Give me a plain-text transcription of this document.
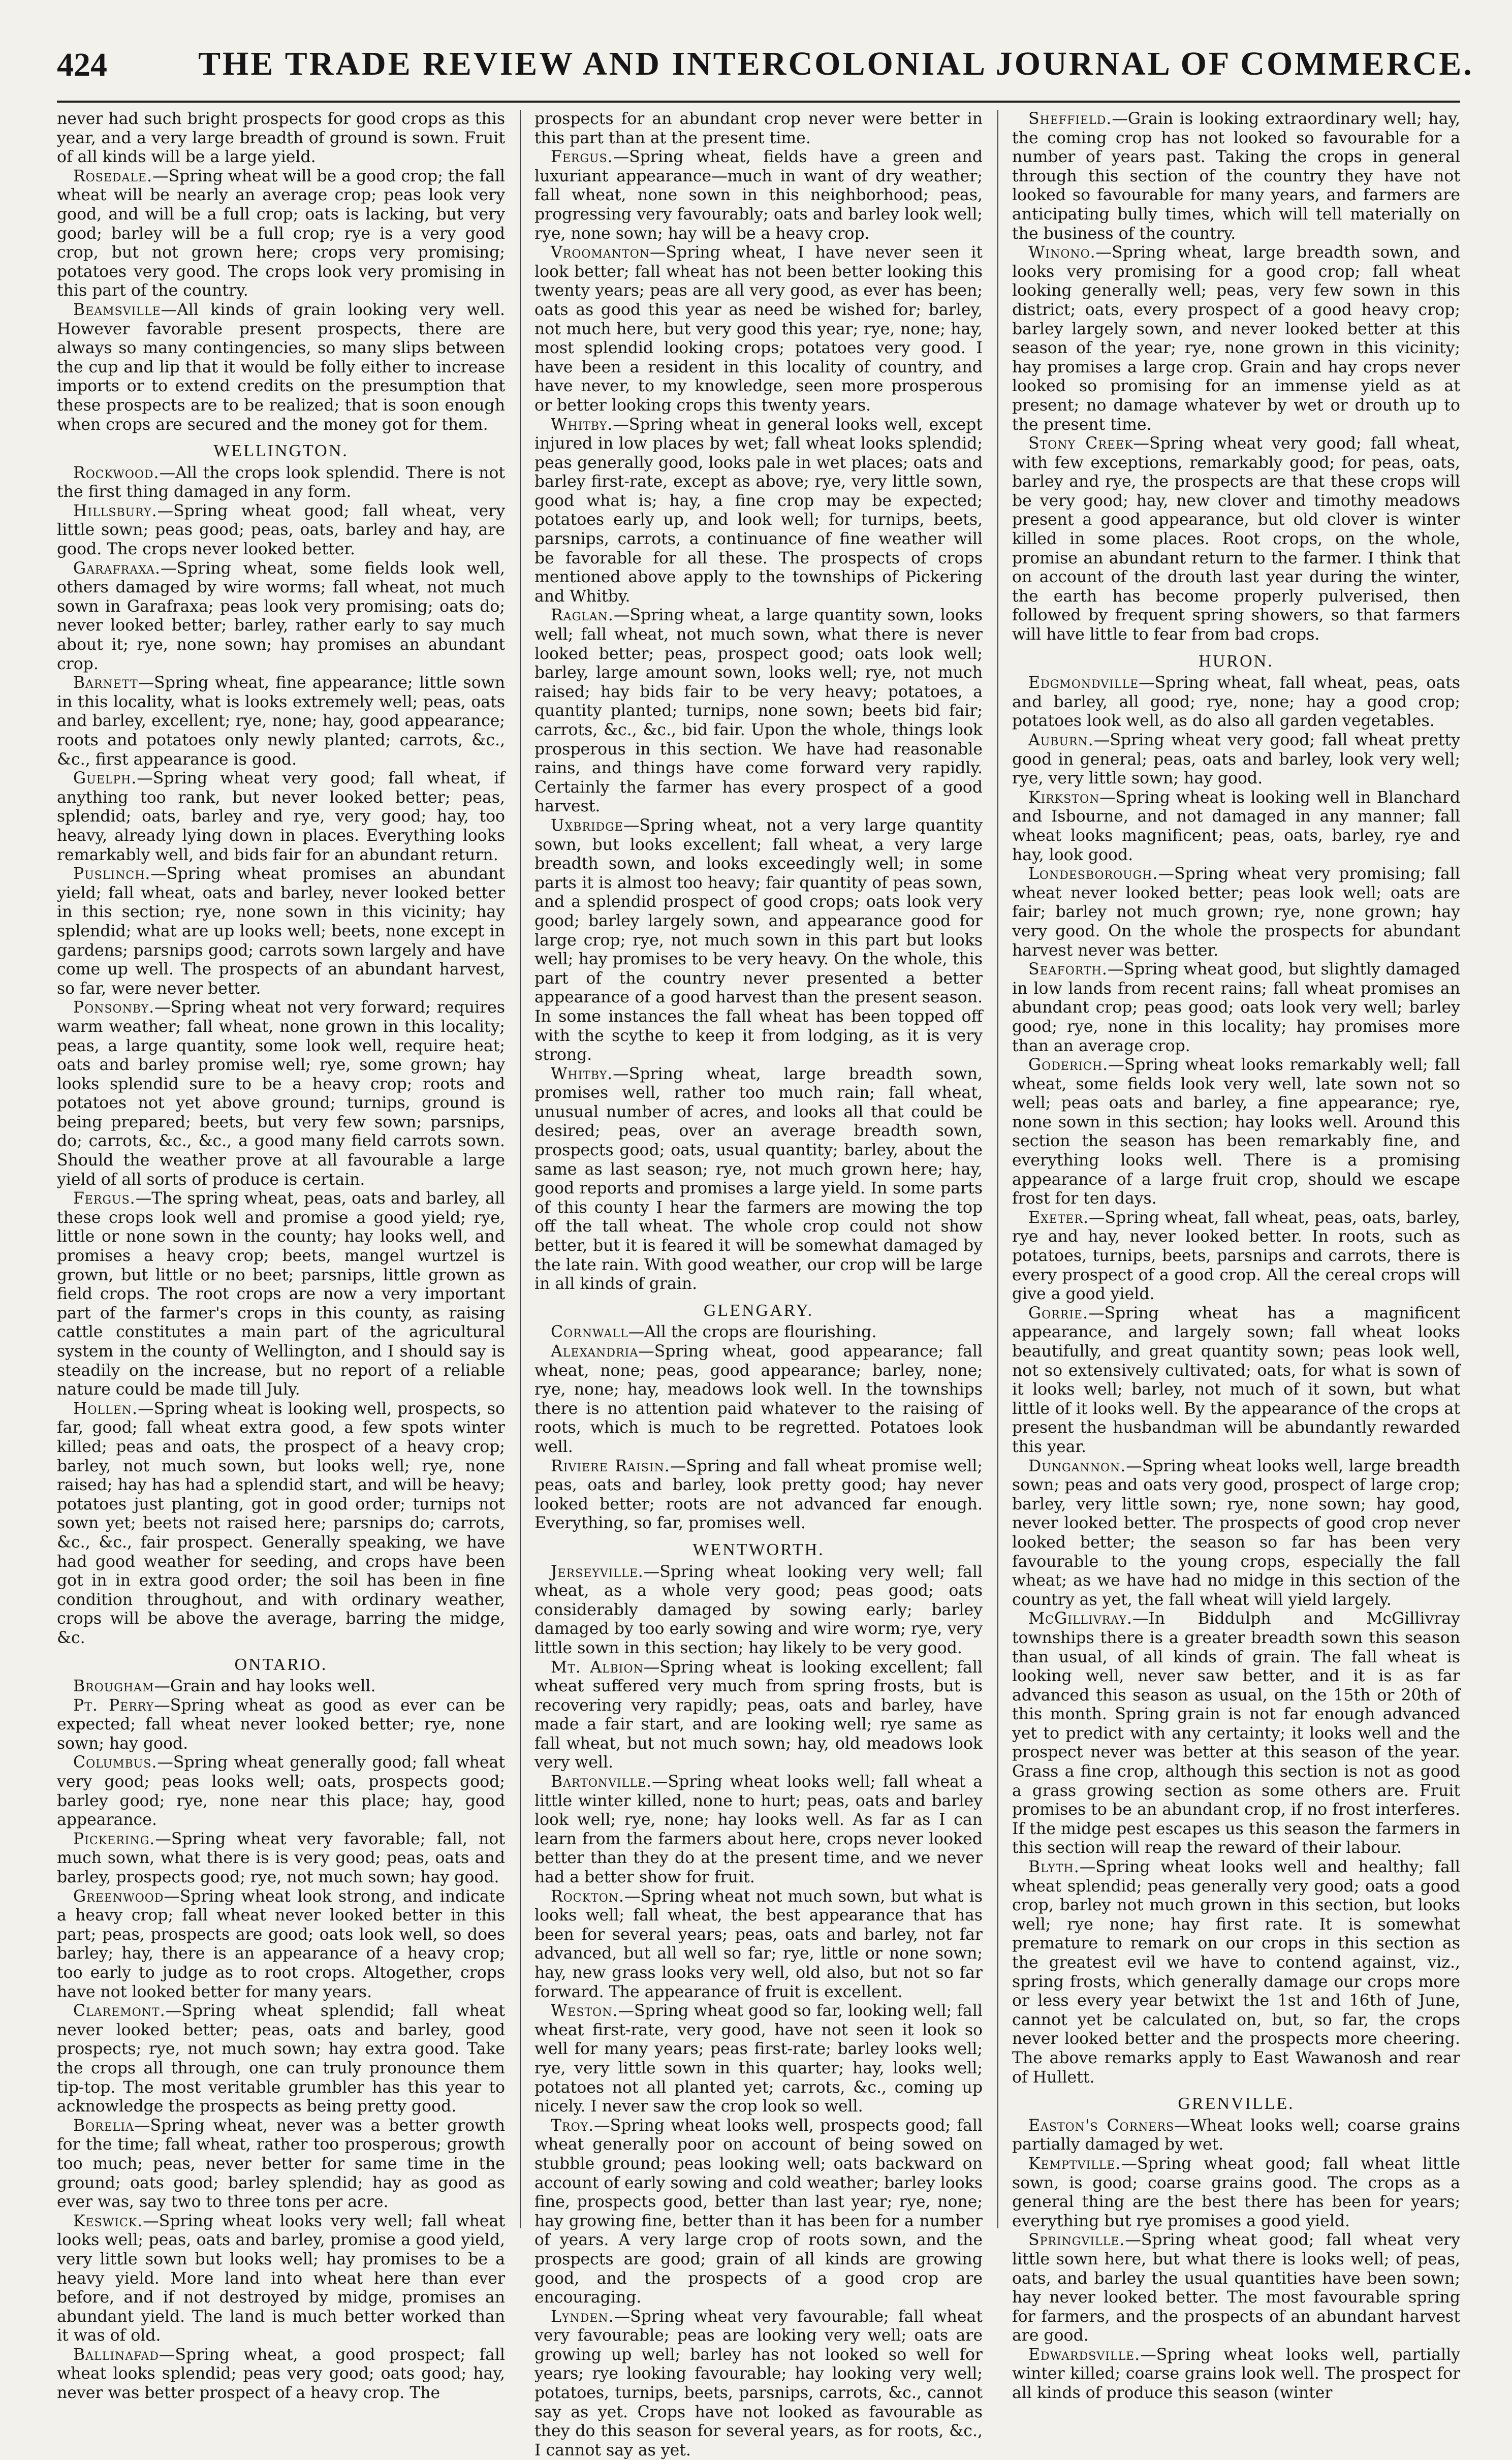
424	THE TRADE REVIEW AND INTERCOLONIAL JOURNAL OF COMMERCE.

never had such bright prospects for good crops as this year, and a very large breadth of ground is sown. Fruit of all kinds will be a large yield.

Rosedale.—Spring wheat will be a good crop; the fall wheat will be nearly an average crop; peas look very good, and will be a full crop; oats is lacking, but very good; barley will be a full crop; rye is a very good crop, but not grown here; crops very promising; potatoes very good. The crops look very promising in this part of the country.

Beamsville—All kinds of grain looking very well. However favorable present prospects, there are always so many contingencies, so many slips between the cup and lip that it would be folly either to increase imports or to extend credits on the presumption that these prospects are to be realized; that is soon enough when crops are secured and the money got for them.

WELLINGTON.

Rockwood.—All the crops look splendid. There is not the first thing damaged in any form.

Hillsbury.—Spring wheat good; fall wheat, very little sown; peas good; peas, oats, barley and hay, are good. The crops never looked better.

Garafraxa.—Spring wheat, some fields look well, others damaged by wire worms; fall wheat, not much sown in Garafraxa; peas look very promising; oats do; never looked better; barley, rather early to say much about it; rye, none sown; hay promises an abundant crop.

Barnett—Spring wheat, fine appearance; little sown in this locality, what is looks extremely well; peas, oats and barley, excellent; rye, none; hay, good appearance; roots and potatoes only newly planted; carrots, &c., &c., first appearance is good.

Guelph.—Spring wheat very good; fall wheat, if anything too rank, but never looked better; peas, splendid; oats, barley and rye, very good; hay, too heavy, already lying down in places. Everything looks remarkably well, and bids fair for an abundant return.

Puslinch.—Spring wheat promises an abundant yield; fall wheat, oats and barley, never looked better in this section; rye, none sown in this vicinity; hay splendid; what are up looks well; beets, none except in gardens; parsnips good; carrots sown largely and have come up well. The prospects of an abundant harvest, so far, were never better.

Ponsonby.—Spring wheat not very forward; requires warm weather; fall wheat, none grown in this locality; peas, a large quantity, some look well, require heat; oats and barley promise well; rye, some grown; hay looks splendid sure to be a heavy crop; roots and potatoes not yet above ground; turnips, ground is being prepared; beets, but very few sown; parsnips, do; carrots, &c., &c., a good many field carrots sown. Should the weather prove at all favourable a large yield of all sorts of produce is certain.

Fergus.—The spring wheat, peas, oats and barley, all these crops look well and promise a good yield; rye, little or none sown in the county; hay looks well, and promises a heavy crop; beets, mangel wurtzel is grown, but little or no beet; parsnips, little grown as field crops. The root crops are now a very important part of the farmer's crops in this county, as raising cattle constitutes a main part of the agricultural system in the county of Wellington, and I should say is steadily on the increase, but no report of a reliable nature could be made till July.

Hollen.—Spring wheat is looking well, prospects, so far, good; fall wheat extra good, a few spots winter killed; peas and oats, the prospect of a heavy crop; barley, not much sown, but looks well; rye, none raised; hay has had a splendid start, and will be heavy; potatoes just planting, got in good order; turnips not sown yet; beets not raised here; parsnips do; carrots, &c., &c., fair prospect. Generally speaking, we have had good weather for seeding, and crops have been got in in extra good order; the soil has been in fine condition throughout, and with ordinary weather, crops will be above the average, barring the midge, &c.

ONTARIO.

Brougham—Grain and hay looks well.

Pt. Perry—Spring wheat as good as ever can be expected; fall wheat never looked better; rye, none sown; hay good.

Columbus.—Spring wheat generally good; fall wheat very good; peas looks well; oats, prospects good; barley good; rye, none near this place; hay, good appearance.

Pickering.—Spring wheat very favorable; fall, not much sown, what there is is very good; peas, oats and barley, prospects good; rye, not much sown; hay good.

Greenwood—Spring wheat look strong, and indicate a heavy crop; fall wheat never looked better in this part; peas, prospects are good; oats look well, so does barley; hay, there is an appearance of a heavy crop; too early to judge as to root crops. Altogether, crops have not looked better for many years.

Claremont.—Spring wheat splendid; fall wheat never looked better; peas, oats and barley, good prospects; rye, not much sown; hay extra good. Take the crops all through, one can truly pronounce them tip-top. The most veritable grumbler has this year to acknowledge the prospects as being pretty good.

Borelia—Spring wheat, never was a better growth for the time; fall wheat, rather too prosperous; growth too much; peas, never better for same time in the ground; oats good; barley splendid; hay as good as ever was, say two to three tons per acre.

Keswick.—Spring wheat looks very well; fall wheat looks well; peas, oats and barley, promise a good yield, very little sown but looks well; hay promises to be a heavy yield. More land into wheat here than ever before, and if not destroyed by midge, promises an abundant yield. The land is much better worked than it was of old.

Ballinafad—Spring wheat, a good prospect; fall wheat looks splendid; peas very good; oats good; hay, never was better prospect of a heavy crop. The

prospects for an abundant crop never were better in this part than at the present time.

Fergus.—Spring wheat, fields have a green and luxuriant appearance—much in want of dry weather; fall wheat, none sown in this neighborhood; peas, progressing very favourably; oats and barley look well; rye, none sown; hay will be a heavy crop.

Vroomanton—Spring wheat, I have never seen it look better; fall wheat has not been better looking this twenty years; peas are all very good, as ever has been; oats as good this year as need be wished for; barley, not much here, but very good this year; rye, none; hay, most splendid looking crops; potatoes very good. I have been a resident in this locality of country, and have never, to my knowledge, seen more prosperous or better looking crops this twenty years.

Whitby.—Spring wheat in general looks well, except injured in low places by wet; fall wheat looks splendid; peas generally good, looks pale in wet places; oats and barley first-rate, except as above; rye, very little sown, good what is; hay, a fine crop may be expected; potatoes early up, and look well; for turnips, beets, parsnips, carrots, a continuance of fine weather will be favorable for all these. The prospects of crops mentioned above apply to the townships of Pickering and Whitby.

Raglan.—Spring wheat, a large quantity sown, looks well; fall wheat, not much sown, what there is never looked better; peas, prospect good; oats look well; barley, large amount sown, looks well; rye, not much raised; hay bids fair to be very heavy; potatoes, a quantity planted; turnips, none sown; beets bid fair; carrots, &c., &c., bid fair. Upon the whole, things look prosperous in this section. We have had reasonable rains, and things have come forward very rapidly. Certainly the farmer has every prospect of a good harvest.

Uxbridge—Spring wheat, not a very large quantity sown, but looks excellent; fall wheat, a very large breadth sown, and looks exceedingly well; in some parts it is almost too heavy; fair quantity of peas sown, and a splendid prospect of good crops; oats look very good; barley largely sown, and appearance good for large crop; rye, not much sown in this part but looks well; hay promises to be very heavy. On the whole, this part of the country never presented a better appearance of a good harvest than the present season. In some instances the fall wheat has been topped off with the scythe to keep it from lodging, as it is very strong.

Whitby.—Spring wheat, large breadth sown, promises well, rather too much rain; fall wheat, unusual number of acres, and looks all that could be desired; peas, over an average breadth sown, prospects good; oats, usual quantity; barley, about the same as last season; rye, not much grown here; hay, good reports and promises a large yield. In some parts of this county I hear the farmers are mowing the top off the tall wheat. The whole crop could not show better, but it is feared it will be somewhat damaged by the late rain. With good weather, our crop will be large in all kinds of grain.

GLENGARY.

Cornwall—All the crops are flourishing.

Alexandria—Spring wheat, good appearance; fall wheat, none; peas, good appearance; barley, none; rye, none; hay, meadows look well. In the townships there is no attention paid whatever to the raising of roots, which is much to be regretted. Potatoes look well.

Riviere Raisin.—Spring and fall wheat promise well; peas, oats and barley, look pretty good; hay never looked better; roots are not advanced far enough. Everything, so far, promises well.

WENTWORTH.

Jerseyville.—Spring wheat looking very well; fall wheat, as a whole very good; peas good; oats considerably damaged by sowing early; barley damaged by too early sowing and wire worm; rye, very little sown in this section; hay likely to be very good.

Mt. Albion—Spring wheat is looking excellent; fall wheat suffered very much from spring frosts, but is recovering very rapidly; peas, oats and barley, have made a fair start, and are looking well; rye same as fall wheat, but not much sown; hay, old meadows look very well.

Bartonville.—Spring wheat looks well; fall wheat a little winter killed, none to hurt; peas, oats and barley look well; rye, none; hay looks well. As far as I can learn from the farmers about here, crops never looked better than they do at the present time, and we never had a better show for fruit.

Rockton.—Spring wheat not much sown, but what is looks well; fall wheat, the best appearance that has been for several years; peas, oats and barley, not far advanced, but all well so far; rye, little or none sown; hay, new grass looks very well, old also, but not so far forward. The appearance of fruit is excellent.

Weston.—Spring wheat good so far, looking well; fall wheat first-rate, very good, have not seen it look so well for many years; peas first-rate; barley looks well; rye, very little sown in this quarter; hay, looks well; potatoes not all planted yet; carrots, &c., coming up nicely. I never saw the crop look so well.

Troy.—Spring wheat looks well, prospects good; fall wheat generally poor on account of being sowed on stubble ground; peas looking well; oats backward on account of early sowing and cold weather; barley looks fine, prospects good, better than last year; rye, none; hay growing fine, better than it has been for a number of years. A very large crop of roots sown, and the prospects are good; grain of all kinds are growing good, and the prospects of a good crop are encouraging.

Lynden.—Spring wheat very favourable; fall wheat very favourable; peas are looking very well; oats are growing up well; barley has not looked so well for years; rye looking favourable; hay looking very well; potatoes, turnips, beets, parsnips, carrots, &c., cannot say as yet. Crops have not looked as favourable as they do this season for several years, as for roots, &c., I cannot say as yet.

Sheffield.—Grain is looking extraordinary well; hay, the coming crop has not looked so favourable for a number of years past. Taking the crops in general through this section of the country they have not looked so favourable for many years, and farmers are anticipating bully times, which will tell materially on the business of the country.

Winono.—Spring wheat, large breadth sown, and looks very promising for a good crop; fall wheat looking generally well; peas, very few sown in this district; oats, every prospect of a good heavy crop; barley largely sown, and never looked better at this season of the year; rye, none grown in this vicinity; hay promises a large crop. Grain and hay crops never looked so promising for an immense yield as at present; no damage whatever by wet or drouth up to the present time.

Stony Creek—Spring wheat very good; fall wheat, with few exceptions, remarkably good; for peas, oats, barley and rye, the prospects are that these crops will be very good; hay, new clover and timothy meadows present a good appearance, but old clover is winter killed in some places. Root crops, on the whole, promise an abundant return to the farmer. I think that on account of the drouth last year during the winter, the earth has become properly pulverised, then followed by frequent spring showers, so that farmers will have little to fear from bad crops.

HURON.

Edgmondville—Spring wheat, fall wheat, peas, oats and barley, all good; rye, none; hay a good crop; potatoes look well, as do also all garden vegetables.

Auburn.—Spring wheat very good; fall wheat pretty good in general; peas, oats and barley, look very well; rye, very little sown; hay good.

Kirkston—Spring wheat is looking well in Blanchard and Isbourne, and not damaged in any manner; fall wheat looks magnificent; peas, oats, barley, rye and hay, look good.

Londesborough.—Spring wheat very promising; fall wheat never looked better; peas look well; oats are fair; barley not much grown; rye, none grown; hay very good. On the whole the prospects for abundant harvest never was better.

Seaforth.—Spring wheat good, but slightly damaged in low lands from recent rains; fall wheat promises an abundant crop; peas good; oats look very well; barley good; rye, none in this locality; hay promises more than an average crop.

Goderich.—Spring wheat looks remarkably well; fall wheat, some fields look very well, late sown not so well; peas oats and barley, a fine appearance; rye, none sown in this section; hay looks well. Around this section the season has been remarkably fine, and everything looks well. There is a promising appearance of a large fruit crop, should we escape frost for ten days.

Exeter.—Spring wheat, fall wheat, peas, oats, barley, rye and hay, never looked better. In roots, such as potatoes, turnips, beets, parsnips and carrots, there is every prospect of a good crop. All the cereal crops will give a good yield.

Gorrie.—Spring wheat has a magnificent appearance, and largely sown; fall wheat looks beautifully, and great quantity sown; peas look well, not so extensively cultivated; oats, for what is sown of it looks well; barley, not much of it sown, but what little of it looks well. By the appearance of the crops at present the husbandman will be abundantly rewarded this year.

Dungannon.—Spring wheat looks well, large breadth sown; peas and oats very good, prospect of large crop; barley, very little sown; rye, none sown; hay good, never looked better. The prospects of good crop never looked better; the season so far has been very favourable to the young crops, especially the fall wheat; as we have had no midge in this section of the country as yet, the fall wheat will yield largely.

McGillivray.—In Biddulph and McGillivray townships there is a greater breadth sown this season than usual, of all kinds of grain. The fall wheat is looking well, never saw better, and it is as far advanced this season as usual, on the 15th or 20th of this month. Spring grain is not far enough advanced yet to predict with any certainty; it looks well and the prospect never was better at this season of the year. Grass a fine crop, although this section is not as good a grass growing section as some others are. Fruit promises to be an abundant crop, if no frost interferes. If the midge pest escapes us this season the farmers in this section will reap the reward of their labour.

Blyth.—Spring wheat looks well and healthy; fall wheat splendid; peas generally very good; oats a good crop, barley not much grown in this section, but looks well; rye none; hay first rate. It is somewhat premature to remark on our crops in this section as the greatest evil we have to contend against, viz., spring frosts, which generally damage our crops more or less every year betwixt the 1st and 16th of June, cannot yet be calculated on, but, so far, the crops never looked better and the prospects more cheering. The above remarks apply to East Wawanosh and rear of Hullett.

GRENVILLE.

Easton's Corners—Wheat looks well; coarse grains partially damaged by wet.

Kemptville.—Spring wheat good; fall wheat little sown, is good; coarse grains good. The crops as a general thing are the best there has been for years; everything but rye promises a good yield.

Springville.—Spring wheat good; fall wheat very little sown here, but what there is looks well; of peas, oats, and barley the usual quantities have been sown; hay never looked better. The most favourable spring for farmers, and the prospects of an abundant harvest are good.

Edwardsville.—Spring wheat looks well, partially winter killed; coarse grains look well. The prospect for all kinds of produce this season (winter
